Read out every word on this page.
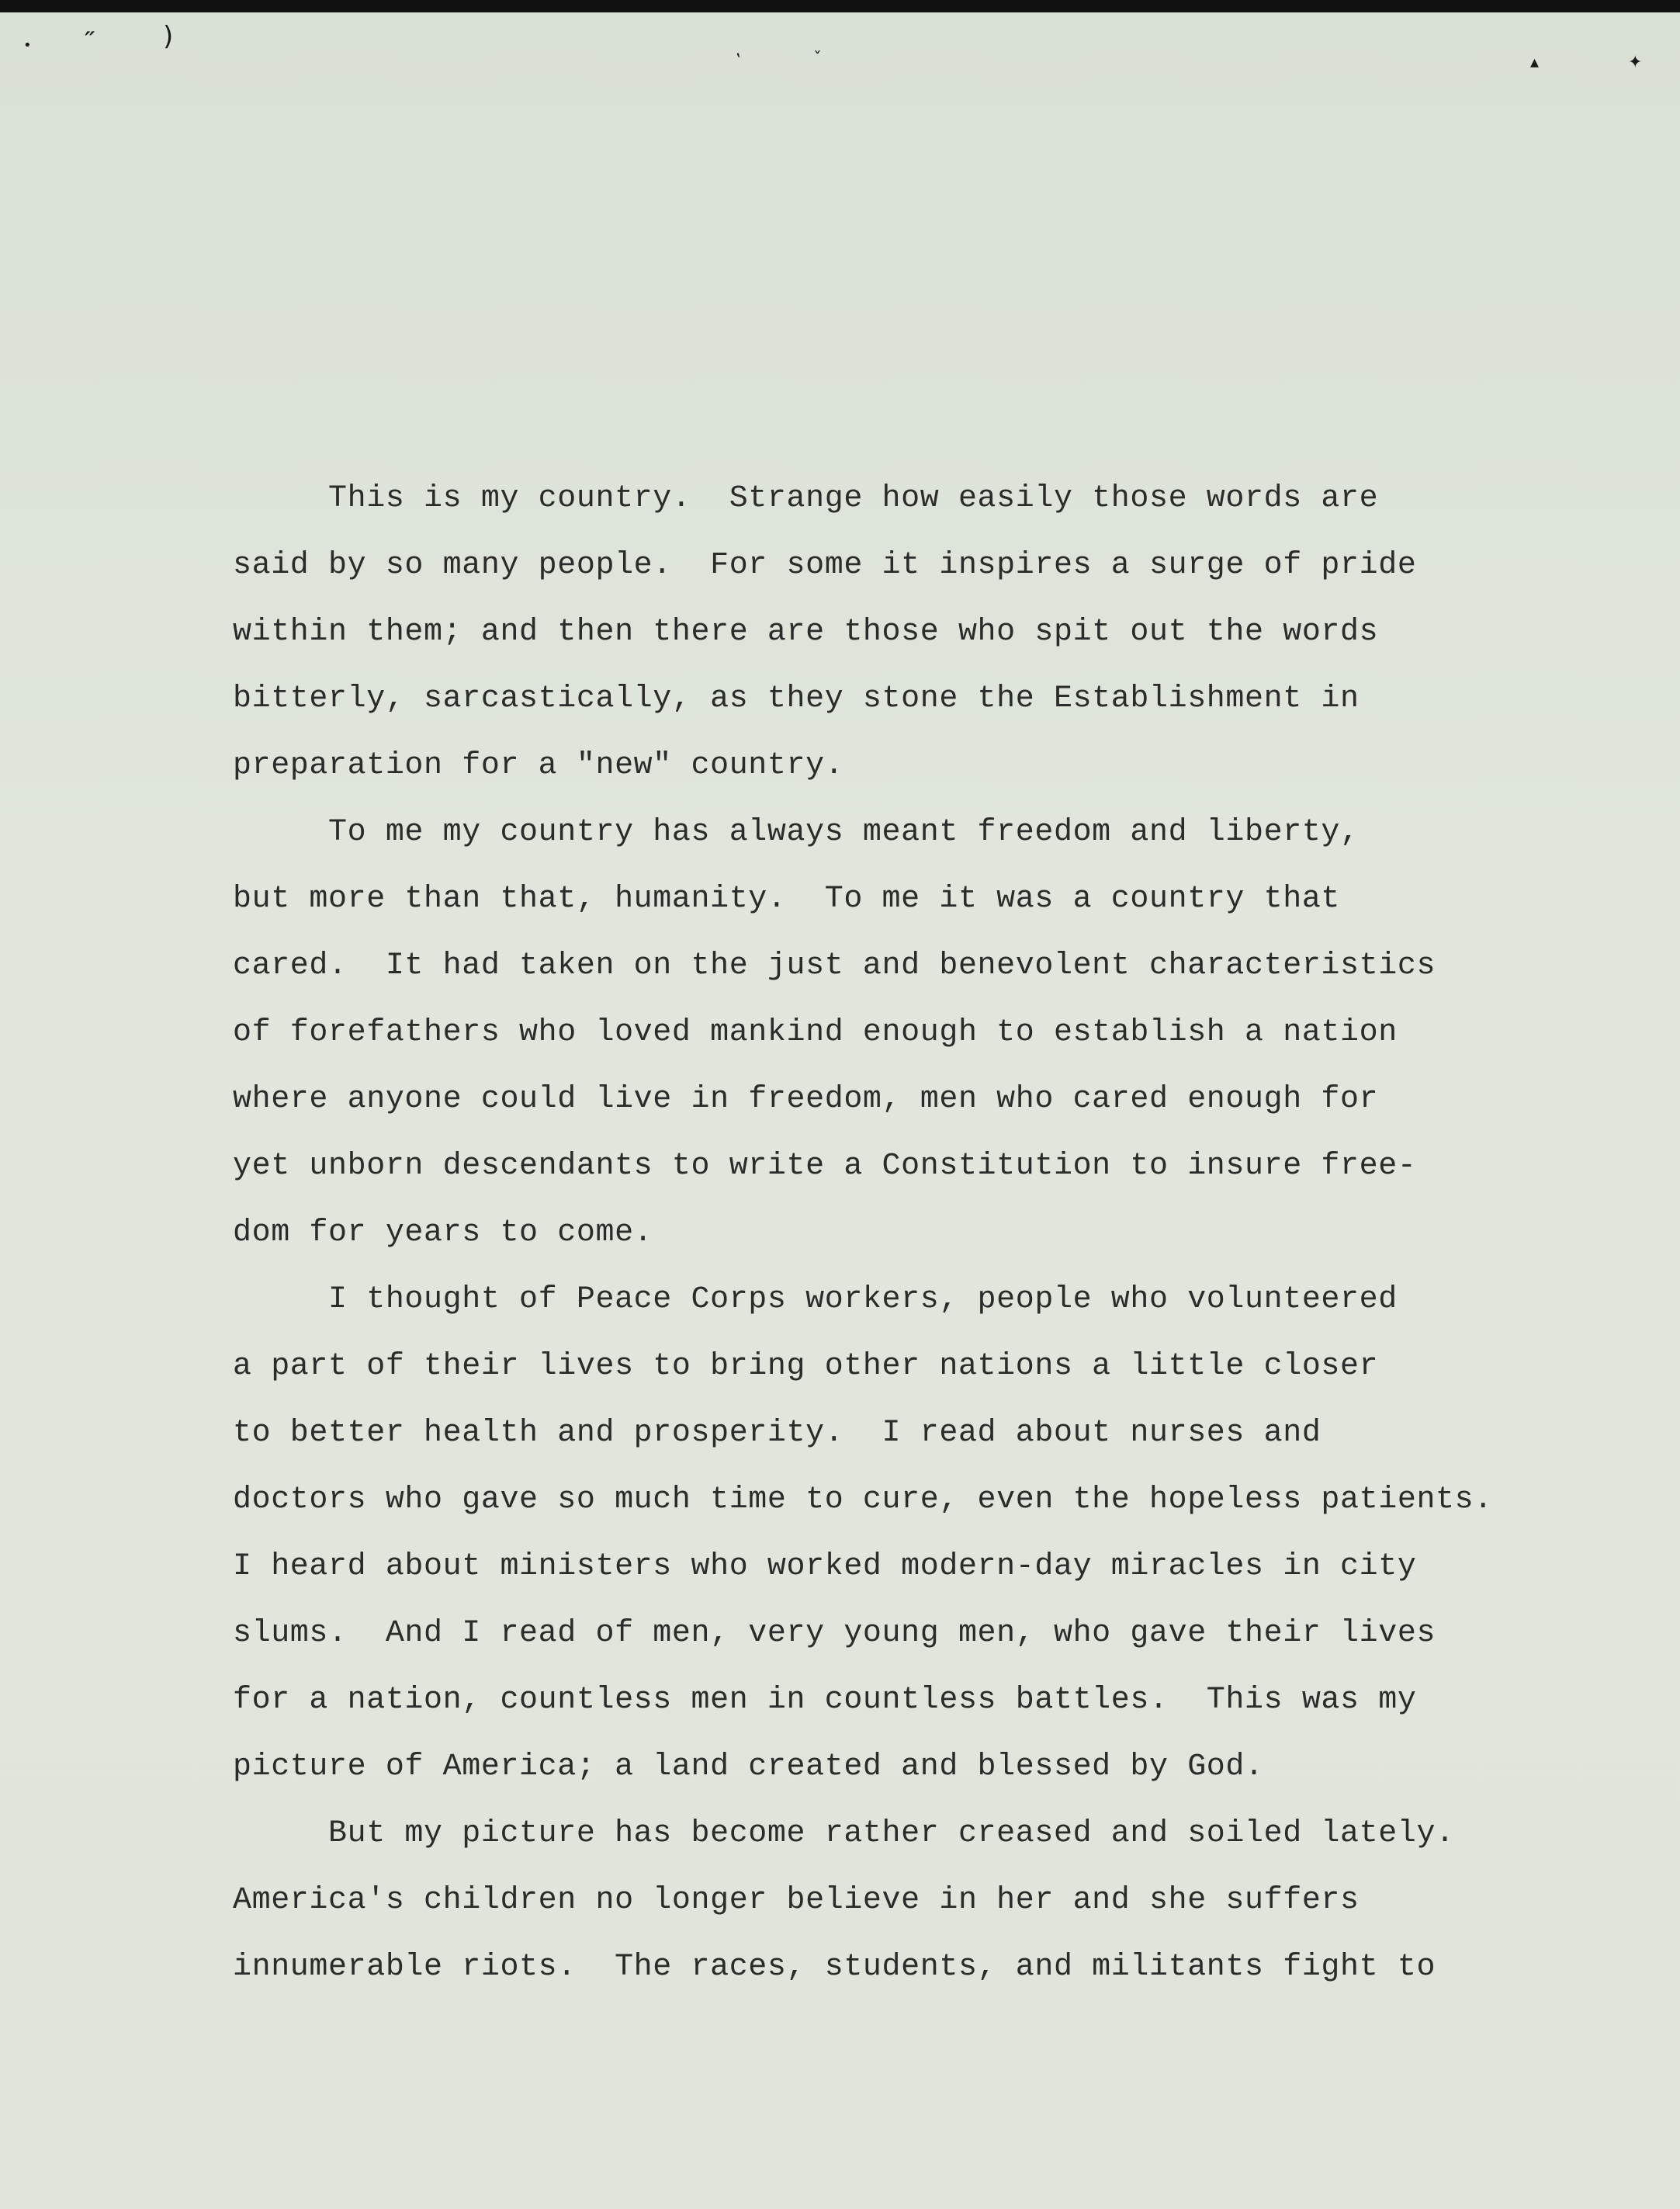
• ˶	)
‛	ˇ	▴	✦
This is my country.  Strange how easily those words are
said by so many people.  For some it inspires a surge of pride
within them; and then there are those who spit out the words
bitterly, sarcastically, as they stone the Establishment in
preparation for a "new" country.
To me my country has always meant freedom and liberty,
but more than that, humanity.  To me it was a country that
cared.  It had taken on the just and benevolent characteristics
of forefathers who loved mankind enough to establish a nation
where anyone could live in freedom, men who cared enough for
yet unborn descendants to write a Constitution to insure free-
dom for years to come.
I thought of Peace Corps workers, people who volunteered
a part of their lives to bring other nations a little closer
to better health and prosperity.  I read about nurses and
doctors who gave so much time to cure, even the hopeless patients.
I heard about ministers who worked modern-day miracles in city
slums.  And I read of men, very young men, who gave their lives
for a nation, countless men in countless battles.  This was my
picture of America; a land created and blessed by God.
But my picture has become rather creased and soiled lately.
America's children no longer believe in her and she suffers
innumerable riots.  The races, students, and militants fight to
